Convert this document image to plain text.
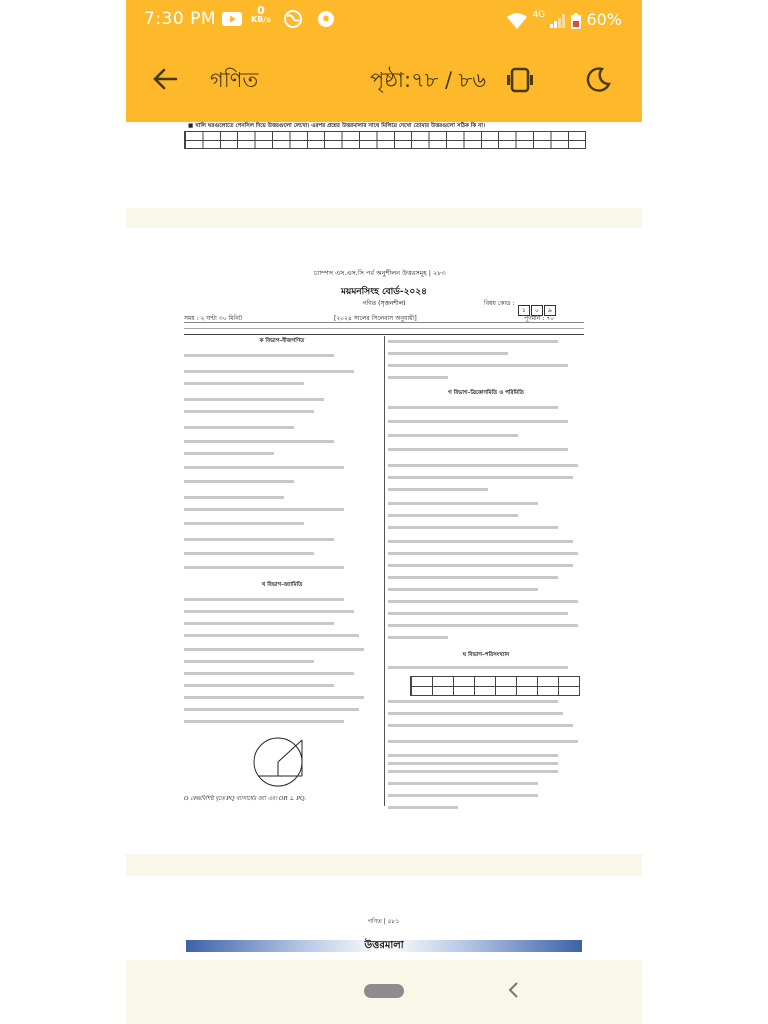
7:30 PM	0
KB/s	$^{4G}$	60%
গণিত	পৃষ্ঠা:৭৮ / ৮৬
■ খালি ঘরগুলোতে পেনসিল দিয়ে উত্তরগুলো লেখো। এরপর প্রশ্নের উত্তরমালার সাথে মিলিয়ে দেখো তোমার উত্তরগুলো সঠিক কি না।
চ্যাম্পস এস.এস.সি পর্ব অনুশীলন উত্তরসমূহ | ২৮৩
ময়মনসিংহ বোর্ড-২০২৪
গণিত (সৃজনশীল)	বিষয় কোড :
১ ০ ৯
সময় : ২ ঘণ্টা ৩০ মিনিট	[২০২৪ সালের সিলেবাস অনুযায়ী]	পূর্ণমান : ৭০
ক বিভাগ–বীজগণিত
খ বিভাগ–জ্যামিতি
O কেন্দ্রবিশিষ্ট বৃত্তে PQ ব্যাসার্ধের জ্যা এবং OR ⊥ PQ.
গ বিভাগ–ত্রিকোণমিতি ও পরিমিতি
ঘ বিভাগ–পরিসংখ্যান
গণিত | ৫৮১
উত্তরমালা
